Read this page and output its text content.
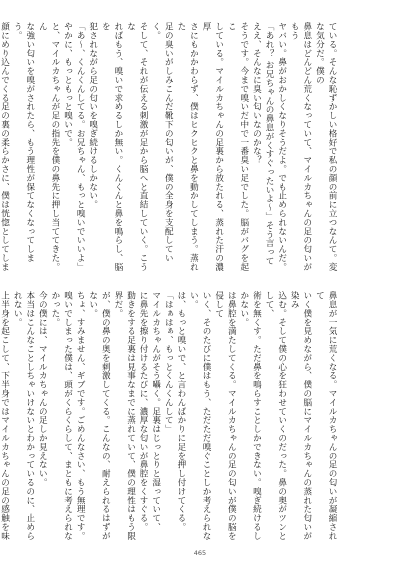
ている。そんな恥ずかしい格好で私の顔の前に立つなんて。変な気分だ。僕の

鼻息はどんどん荒くなっていて、マイルカちゃんの足の匂いがもう

ヤバい。鼻がおかしくなりそうだよ。でも止められないんだ。

「あれ？ お兄ちゃんの鼻息がくすぐったいよ〜」そう言って

ええ、そんなに臭い匂いなのかな？

そうです。今まで嗅いだ中で一番臭い足でした。脳がバグを起こ

している。マイルカちゃんの足裏から放たれる、蒸れた汗の濃厚

さにもかかわらず、僕はヒクヒクと鼻を動かしてしまう。蒸れた

足の臭いがしみこんだ靴下の匂いが、僕の全身を支配していく。

そして、それが伝える刺激が足から脳へと直結していく。こうな

ればもう、嗅いで求めるしか無い。くんくんと鼻を鳴らし、脳を

犯されながら足の匂いを嗅ぎ続けるしかない。

「あ〜、くんくんしてる。お兄ちゃん、もっと嗅いでいいよ」

やかに、もっともっと嗅いで。

と、マイルカちゃんが足の指先を僕の鼻先に押し当ててきた。ん

な強い匂いを嗅がされたら、もう理性が保てなくなってしまう。

顔にめり込んでくる足の裏の柔らかさに、僕は恍惚としてしま

鼻息が一気に荒くなる。マイルカちゃんの足の匂いが凝縮されて

いく僕を見めながら、僕の脳にマイルカちゃんの蒸れた匂いが染み

込む。そして僕の心を狂わせていくのだった。鼻の奥がツンとして、

術を無くす。ただ鼻を鳴らすことしかできない。嗅ぎ続けるしかない。

は鼻腔を満たしてくる。マイルカちゃんの足の匂いが僕の脳を侵して

いく、そのたびに僕はもう、ただただ嗅ぐことしか考えられない。

は、もっと嗅いで、と言わんばかりに足を押し付けてくる。

「はぁはぁ、もっとくんくんして」

マイルカちゃんがそう囁く。足裏はじっとりと湿っていて、

に鼻先を擦り付けるたびに、濃厚な匂いが鼻腔をくすぐる。

動きをする足裏は見事なまでに蒸れていて、僕の理性はもう限界だ。

が、僕の鼻の奥を刺激してくる。こんなの、耐えられるはずがない。

ちょ、すみません、ギブです。ごめんなさい、もう無理です。

嗅いでしまった僕は、頭がくらくらして、まともに考えられなかった。

今の僕には、マイルカちゃんの足しか見えない。

本当はこんなことしちゃいけないとわかっているのに、止められない。

上半身を起こして、下半身ではマイルカちゃんの足の感触を味

465
